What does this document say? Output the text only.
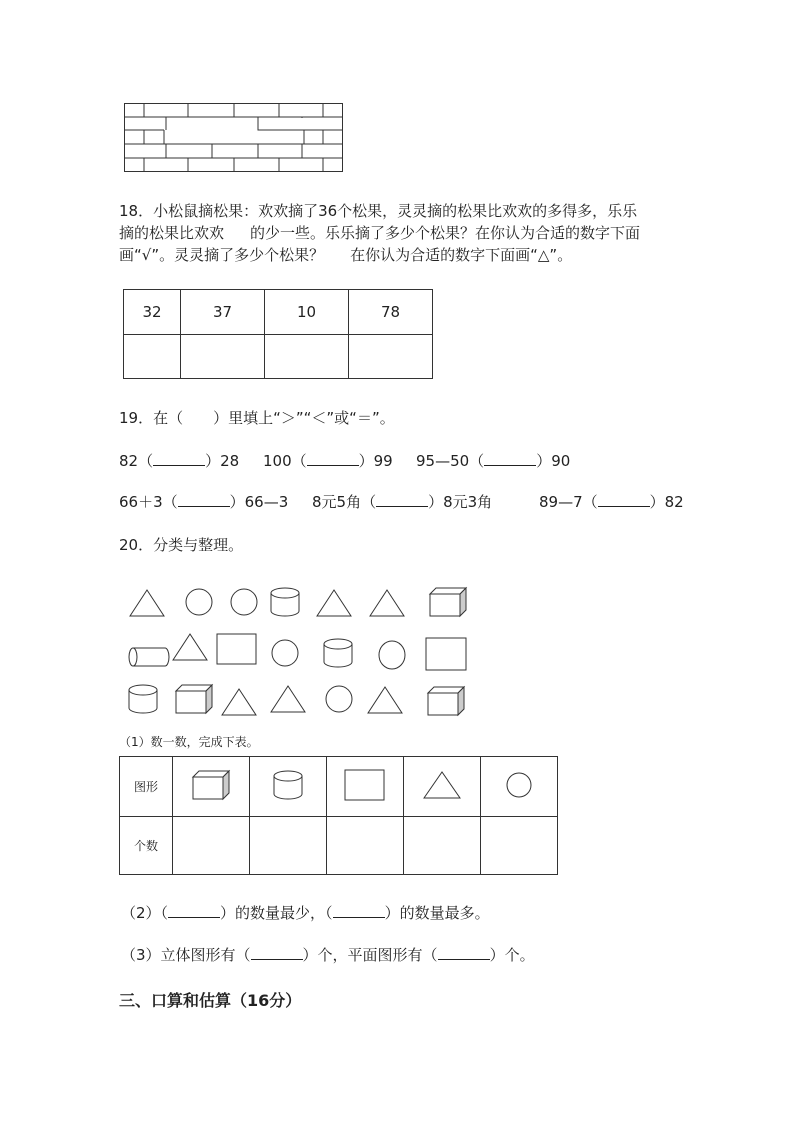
18．小松鼠摘松果：欢欢摘了36个松果，灵灵摘的松果比欢欢的多得多，乐乐
摘的松果比欢欢 的少一些。乐乐摘了多少个松果？在你认为合适的数字下面
画“√”。灵灵摘了多少个松果？ 在你认为合适的数字下面画“△”。
32	37	10	78

19．在（　　）里填上“＞”“＜”或“＝”。
82（	）28 100（	）99 95—50（	）90
66＋3（	）66—3 8元5角（	）8元3角	89—7（	）82
20．分类与整理。
（1）数一数，完成下表。
图形					
个数					
（2）（	）的数量最少，（	）的数量最多。
（3）立体图形有（	）个，平面图形有（	）个。
三、口算和估算（16分）
